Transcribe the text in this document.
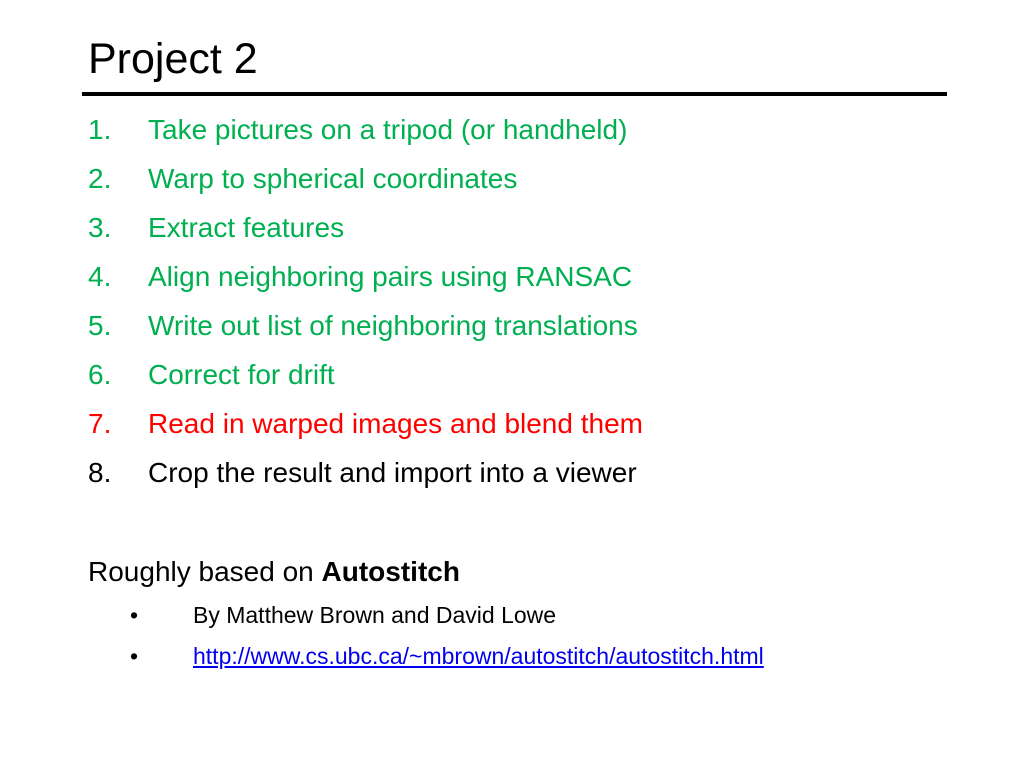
Project 2
1. Take pictures on a tripod (or handheld)
2. Warp to spherical coordinates
3. Extract features
4. Align neighboring pairs using RANSAC
5. Write out list of neighboring translations
6. Correct for drift
7. Read in warped images and blend them
8. Crop the result and import into a viewer
Roughly based on Autostitch
• By Matthew Brown and David Lowe
• http://www.cs.ubc.ca/~mbrown/autostitch/autostitch.html
